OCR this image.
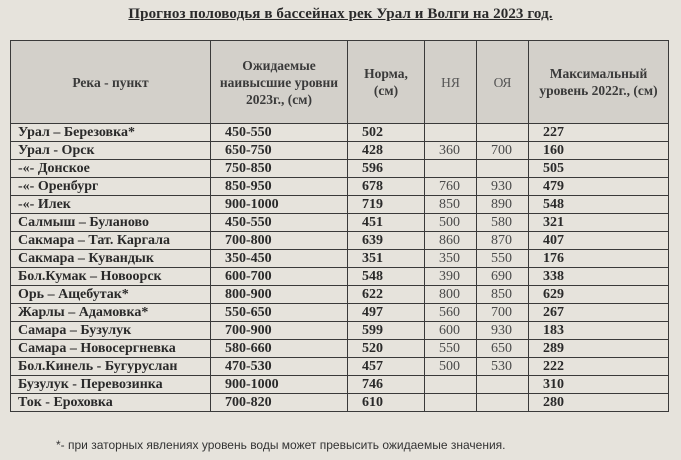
Прогноз половодья в бассейнах рек Урал и Волги на 2023 год.
Река - пункт	Ожидаемые наивысшие уровни 2023г., (см)	Норма, (см)	НЯ	ОЯ	Максимальный уровень 2022г., (см)
Урал – Березовка*	450-550	502			227
Урал - Орск	650-750	428	360	700	160
-«- Донское	750-850	596			505
-«- Оренбург	850-950	678	760	930	479
-«- Илек	900-1000	719	850	890	548
Салмыш – Буланово	450-550	451	500	580	321
Сакмара – Тат. Каргала	700-800	639	860	870	407
Сакмара – Кувандык	350-450	351	350	550	176
Бол.Кумак – Новоорск	600-700	548	390	690	338
Орь – Ащебутак*	800-900	622	800	850	629
Жарлы – Адамовка*	550-650	497	560	700	267
Самара – Бузулук	700-900	599	600	930	183
Самара – Новосергневка	580-660	520	550	650	289
Бол.Кинель - Бугуруслан	470-530	457	500	530	222
Бузулук - Перевозинка	900-1000	746			310
Ток - Ероховка	700-820	610			280
*- при заторных явлениях уровень воды может превысить ожидаемые значения.
